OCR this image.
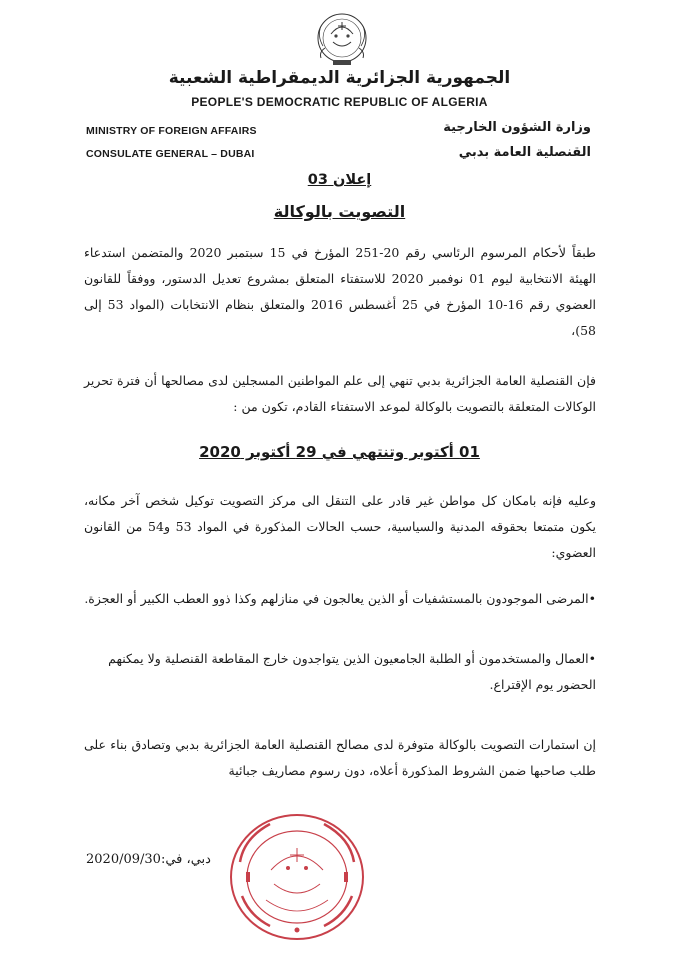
الجمهورية الجزائرية الديمقراطية الشعبية
PEOPLE'S DEMOCRATIC REPUBLIC OF ALGERIA
MINISTRY OF FOREIGN AFFAIRS
CONSULATE GENERAL – DUBAI
وزارة الشؤون الخارجية
القنصلية العامة بدبي
إعلان 03
التصويت بالوكالة
طبقاً لأحكام المرسوم الرئاسي رقم 20-251 المؤرخ في 15 سبتمبر 2020 والمتضمن استدعاء الهيئة الانتخابية ليوم 01 نوفمبر 2020 للاستفتاء المتعلق بمشروع تعديل الدستور، ووفقاً للقانون العضوي رقم 16-10 المؤرخ في 25 أغسطس 2016 والمتعلق بنظام الانتخابات (المواد 53 إلى 58)،
فإن القنصلية العامة الجزائرية بدبي تنهي إلى علم المواطنين المسجلين لدى مصالحها أن فترة تحرير الوكالات المتعلقة بالتصويت بالوكالة لموعد الاستفتاء القادم، تكون من :
01 أكتوبر وتنتهي في 29 أكتوبر 2020
وعليه فإنه بامكان كل مواطن غير قادر على التنقل الى مركز التصويت توكيل شخص آخر مكانه، يكون متمتعا بحقوقه المدنية والسياسية، حسب الحالات المذكورة في المواد 53 و54 من القانون العضوي:
•المرضى الموجودون بالمستشفيات أو الذين يعالجون في منازلهم وكذا ذوو العطب الكبير أو العجزة.
•العمال والمستخدمون أو الطلبة الجامعيون الذين يتواجدون خارج المقاطعة القنصلية ولا يمكنهم الحضور يوم الإقتراع.
إن استمارات التصويت بالوكالة متوفرة لدى مصالح القنصلية العامة الجزائرية بدبي وتصادق بناء على طلب صاحبها ضمن الشروط المذكورة أعلاه، دون رسوم مصاريف جبائية
دبي، في:2020/09/30
